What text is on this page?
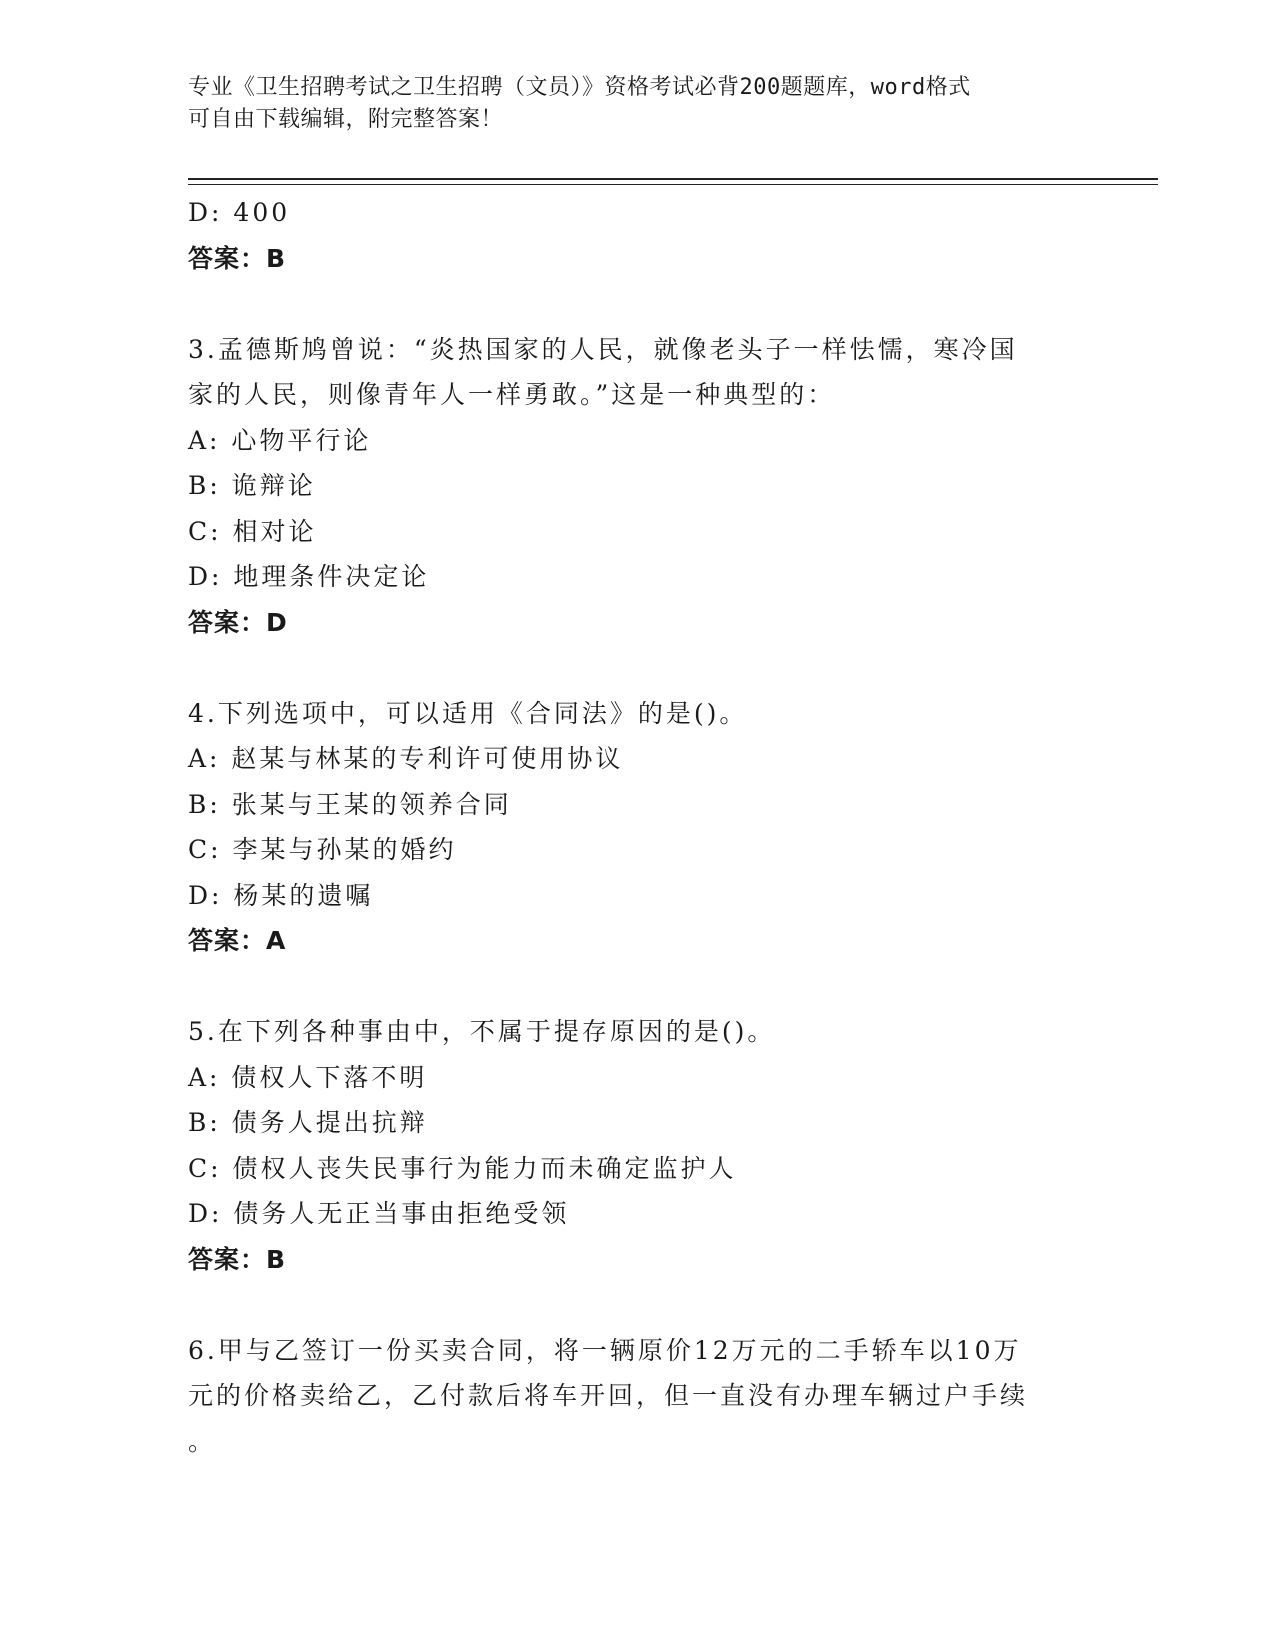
专业《卫生招聘考试之卫生招聘（文员）》资格考试必背200题题库，word格式
可自由下载编辑，附完整答案！
D: 400
答案：B
3.孟德斯鸠曾说：“炎热国家的人民，就像老头子一样怯懦，寒冷国
家的人民，则像青年人一样勇敢。”这是一种典型的：
A: 心物平行论
B: 诡辩论
C: 相对论
D: 地理条件决定论
答案：D
4.下列选项中，可以适用《合同法》的是()。
A: 赵某与林某的专利许可使用协议
B: 张某与王某的领养合同
C: 李某与孙某的婚约
D: 杨某的遗嘱
答案：A
5.在下列各种事由中，不属于提存原因的是()。
A: 债权人下落不明
B: 债务人提出抗辩
C: 债权人丧失民事行为能力而未确定监护人
D: 债务人无正当事由拒绝受领
答案：B
6.甲与乙签订一份买卖合同，将一辆原价12万元的二手轿车以10万
元的价格卖给乙，乙付款后将车开回，但一直没有办理车辆过户手续
。
